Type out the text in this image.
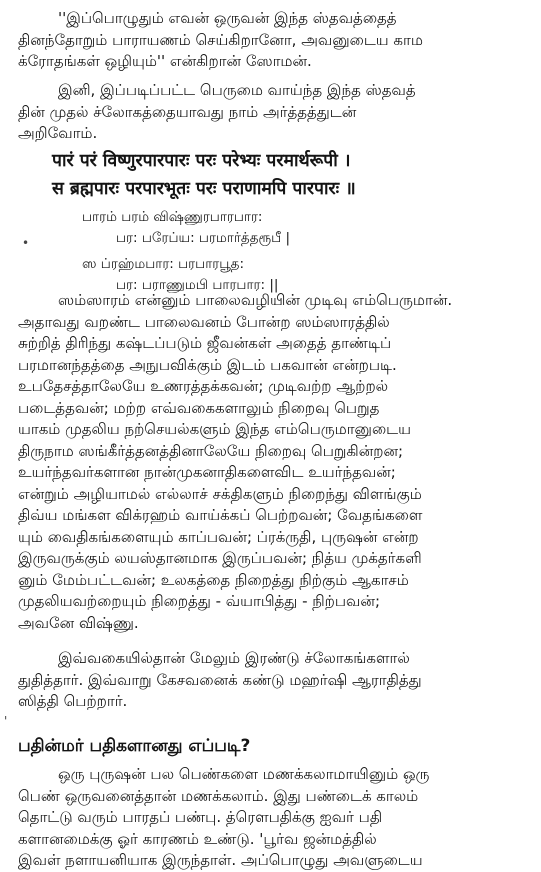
''இப்பொழுதும் எவன் ஒருவன் இந்த ஸ்தவத்தைத்
தினந்தோறும் பாராயணம் செய்கிறானோ, அவனுடைய காம
க்ரோதங்கள் ஒழியும்'' என்கிறான் ஸோமன்.
இனி, இப்படிப்பட்ட பெருமை வாய்ந்த இந்த ஸ்தவத்
தின் முதல் ச்லோகத்தையாவது நாம் அர்த்தத்துடன்
அறிவோம்.
पारं परं विष्णुरपारपारः परः परेभ्यः परमार्थरूपी ।
स ब्रह्मपारः परपारभूतः परः पराणामपि पारपारः ॥
பாரம் பரம் விஷ்ணுரபாரபார:
பர: பரேப்ய: பரமார்த்தரூபீ |
ஸ ப்ரஹ்மபார: பரபாரபூத:
பர: பராணுமபி பாரபார: ||
•
ஸம்ஸாரம் என்னும் பாலைவழியின் முடிவு எம்பெருமான்.
அதாவது வறண்ட பாலைவனம் போன்ற ஸம்ஸாரத்தில்
சுற்றித் திரிந்து கஷ்டப்படும் ஜீவன்கள் அதைத் தாண்டிப்
பரமானந்தத்தை அநுபவிக்கும் இடம் பகவான் என்றபடி.
உபதேசத்தாலேயே உணரத்தக்கவன்; முடிவற்ற ஆற்றல்
படைத்தவன்; மற்ற எவ்வகைகளாலும் நிறைவு பெறுத
யாகம் முதலிய நற்செயல்களும் இந்த எம்பெருமானுடைய
திருநாம ஸங்கீர்த்தனத்தினாலேயே நிறைவு பெறுகின்றன;
உயர்ந்தவர்களான நான்முகனாதிகளைவிட உயர்ந்தவன்;
என்றும் அழியாமல் எல்லாச் சக்திகளும் நிறைந்து விளங்கும்
திவ்ய மங்கள விக்ரஹம் வாய்க்கப் பெற்றவன்; வேதங்களை
யும் வைதிகங்களையும் காப்பவன்; ப்ரக்ருதி, புருஷன் என்ற
இருவருக்கும் லயஸ்தானமாக இருப்பவன்; நித்ய முக்தர்களி
னும் மேம்பட்டவன்; உலகத்தை நிறைத்து நிற்கும் ஆகாசம்
முதலியவற்றையும் நிறைத்து - வ்யாபித்து - நிற்பவன்;
அவனே விஷ்ணு.
இவ்வகையில்தான் மேலும் இரண்டு ச்லோகங்களால்
துதித்தார். இவ்வாறு கேசவனைக் கண்டு மஹர்ஷி ஆராதித்து
ஸித்தி பெற்றார்.
'
பதின்மர் பதிகளானது எப்படி?
ஒரு புருஷன் பல பெண்களை மணக்கலாமாயினும் ஒரு
பெண் ஒருவனைத்தான் மணக்கலாம். இது பண்டைக் காலம்
தொட்டு வரும் பாரதப் பண்பு. த்ரௌபதிக்கு ஐவர் பதி
களானமைக்கு ஓர் காரணம் உண்டு. 'பூர்வ ஜன்மத்தில்
இவள் நளாயனியாக இருந்தாள். அப்பொழுது அவளுடைய
